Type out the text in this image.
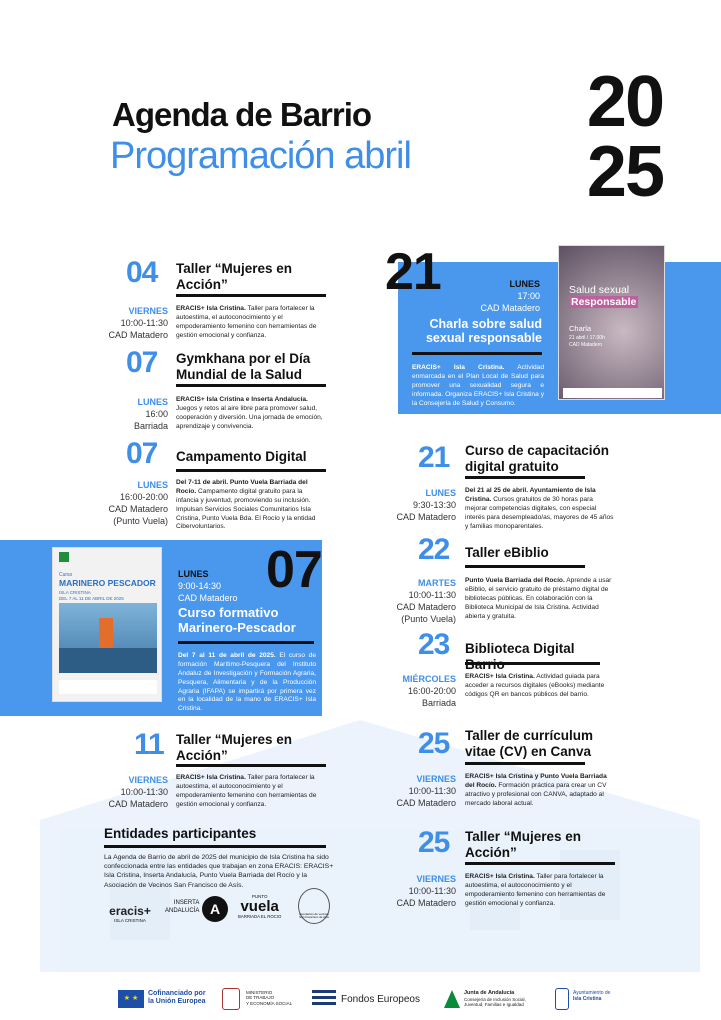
Agenda de Barrio
Programación abril
20
25
04 Taller “Mujeres en Acción”
VIERNES
10:00-11:30
CAD Matadero
ERACIS+ Isla Cristina. Taller para fortalecer la autoestima, el autoconocimiento y el empoderamiento femenino con herramientas de gestión emocional y confianza.
07 Gymkhana por el Día Mundial de la Salud
LUNES
16:00
Barriada
ERACIS+ Isla Cristina e Inserta Andalucía. Juegos y retos al aire libre para promover salud, cooperación y diversión. Una jornada de emoción, aprendizaje y convivencia.
07 Campamento Digital
LUNES
16:00-20:00
CAD Matadero
(Punto Vuela)
Del 7-11 de abril. Punto Vuela Barriada del Rocío. Campamento digital gratuito para la infancia y juventud, promoviendo su inclusión. Impulsan Servicios Sociales Comunitarios Isla Cristina, Punto Vuela Bda. El Rocío y la entidad Cibervoluntarios.
Curso
MARINERO PESCADOR
ISLA CRISTINA
DEL 7 AL 11 DE ABRIL DE 2025
LUNES
9:00-14:30
CAD Matadero 07
Curso formativo Marinero-Pescador
Del 7 al 11 de abril de 2025. El curso de formación Marítimo-Pesquera del Instituto Andaluz de Investigación y Formación Agraria, Pesquera, Alimentaria y de la Producción Agraria (IFAPA) se impartirá por primera vez en la localidad de la mano de ERACIS+ Isla Cristina.
11 Taller “Mujeres en Acción”
VIERNES
10:00-11:30
CAD Matadero
ERACIS+ Isla Cristina. Taller para fortalecer la autoestima, el autoconocimiento y el empoderamiento femenino con herramientas de gestión emocional y confianza.
Entidades participantes
La Agenda de Barrio de abril de 2025 del municipio de Isla Cristina ha sido confeccionada entre las entidades que trabajan en zona ERACIS: ERACIS+ Isla Cristina, Inserta Andalucía, Punto Vuela Barriada del Rocío y la Asociación de Vecinos San Francisco de Asís.
eracis+
ISLA CRISTINA
INSERTA
ANDALUCÍA A
PUNTO
vuela
BARRIADA EL ROCIO	Asociación de vecinos San Francisco de Asís
21	LUNES
17:00
CAD Matadero
Charla sobre salud sexual responsable
ERACIS+ Isla Cristina. Actividad enmarcada en el Plan Local de Salud para promover una sexualidad segura e informada. Organiza ERACIS+ Isla Cristina y la Consejería de Salud y Consumo.
Salud sexual
Responsable
Charla
21 abril / 17.00h
CAD Matadero
21 Curso de capacitación digital gratuito
LUNES
9:30-13:30
CAD Matadero
Del 21 al 25 de abril. Ayuntamiento de Isla Cristina. Cursos gratuitos de 30 horas para mejorar competencias digitales, con especial interés para desempleado/as, mayores de 45 años y familias monoparentales.
22 Taller eBiblio
MARTES
10:00-11:30
CAD Matadero
(Punto Vuela)
Punto Vuela Barriada del Rocío. Aprende a usar eBiblio, el servicio gratuito de préstamo digital de bibliotecas públicas. En colaboración con la Biblioteca Municipal de Isla Cristina. Actividad abierta y gratuita.
23 Biblioteca Digital
MIÉRCOLES
16:00-20:00
Barriada
ERACIS+ Isla Cristina. Actividad guiada para acceder a recursos digitales (eBooks) mediante códigos QR en bancos públicos del barrio.
25 Taller de currículum vitae (CV) en Canva
VIERNES
10:00-11:30
CAD Matadero
ERACIS+ Isla Cristina y Punto Vuela Barriada del Rocío. Formación práctica para crear un CV atractivo y profesional con CANVA, adaptado al mercado laboral actual.
25 Taller “Mujeres en Acción”
VIERNES
10:00-11:30
CAD Matadero
ERACIS+ Isla Cristina. Taller para fortalecer la autoestima, el autoconocimiento y el empoderamiento femenino con herramientas de gestión emocional y confianza.
★ ★
Cofinanciado por
la Unión Europea
MINISTERIO
DE TRABAJO
Y ECONOMÍA SOCIAL	Fondos Europeos
Junta de Andalucía
Consejería de Inclusión Social,
Juventud, Familias e Igualdad
Ayuntamiento de
Isla Cristina
